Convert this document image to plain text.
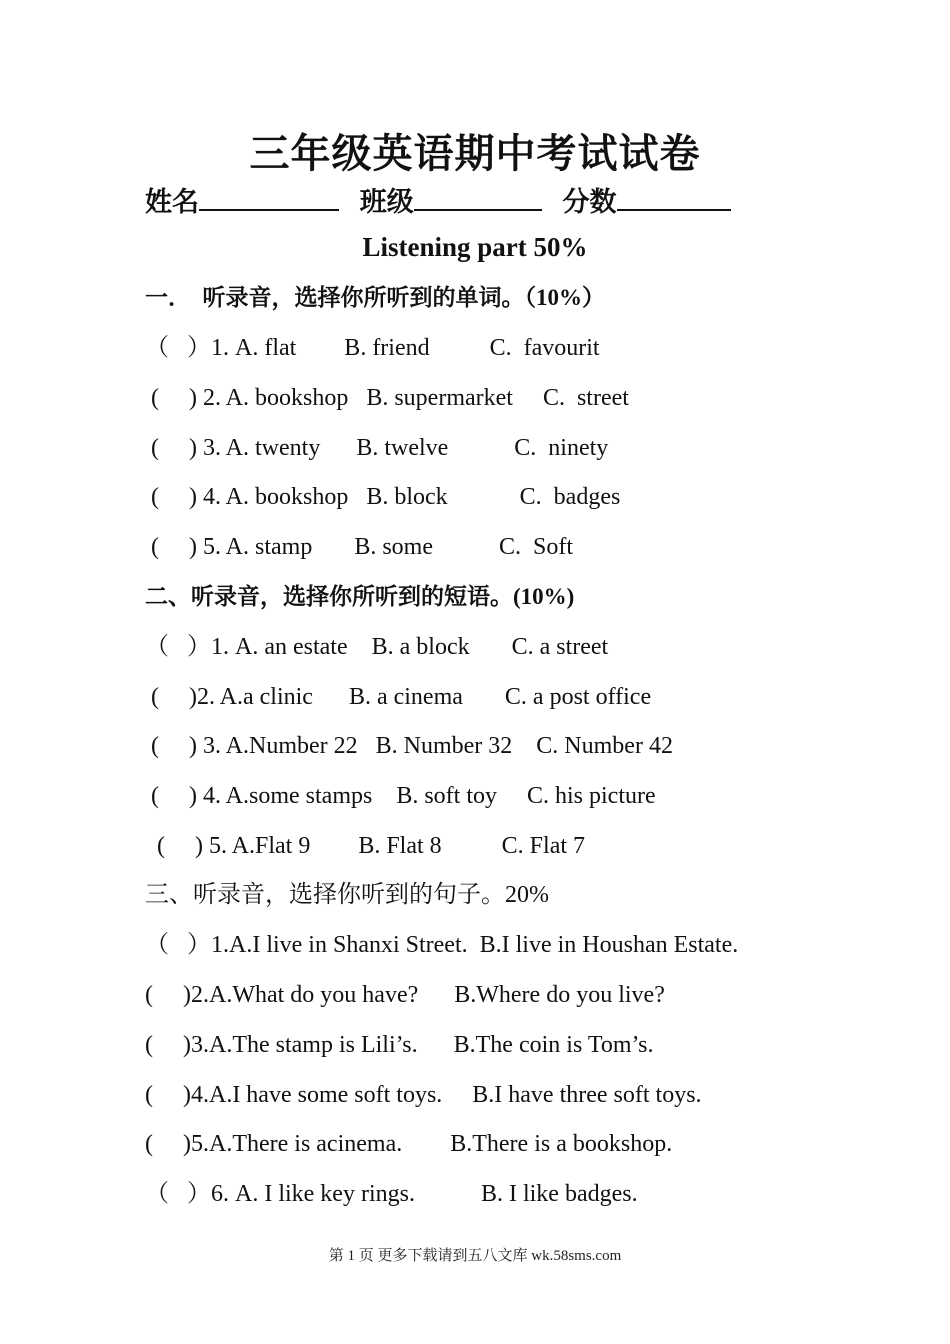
三年级英语期中考试试卷
姓名	班级	分数
Listening part 50%
一．  听录音，选择你所听到的单词。（10%）
（   ）1. A. flat        B. friend          C.  favourit
(     ) 2. A. bookshop   B. supermarket     C.  street
(     ) 3. A. twenty      B. twelve           C.  ninety
(     ) 4. A. bookshop   B. block            C.  badges
(     ) 5. A. stamp       B. some           C.  Soft
二、听录音，选择你所听到的短语。(10%)
（   ）1. A. an estate    B. a block       C. a street
(     )2. A.a clinic      B. a cinema       C. a post office
(     ) 3. A.Number 22   B. Number 32    C. Number 42
(     ) 4. A.some stamps    B. soft toy     C. his picture
(     ) 5. A.Flat 9        B. Flat 8          C. Flat 7
三、听录音，选择你听到的句子。20%
（   ）1.A.I live in Shanxi Street.  B.I live in Houshan Estate.
(     )2.A.What do you have?      B.Where do you live?
(     )3.A.The stamp is Lili’s.      B.The coin is Tom’s.
(     )4.A.I have some soft toys.     B.I have three soft toys.
(     )5.A.There is acinema.        B.There is a bookshop.
（   ）6. A. I like key rings.           B. I like badges.
第 1 页 更多下载请到五八文库 wk.58sms.com
